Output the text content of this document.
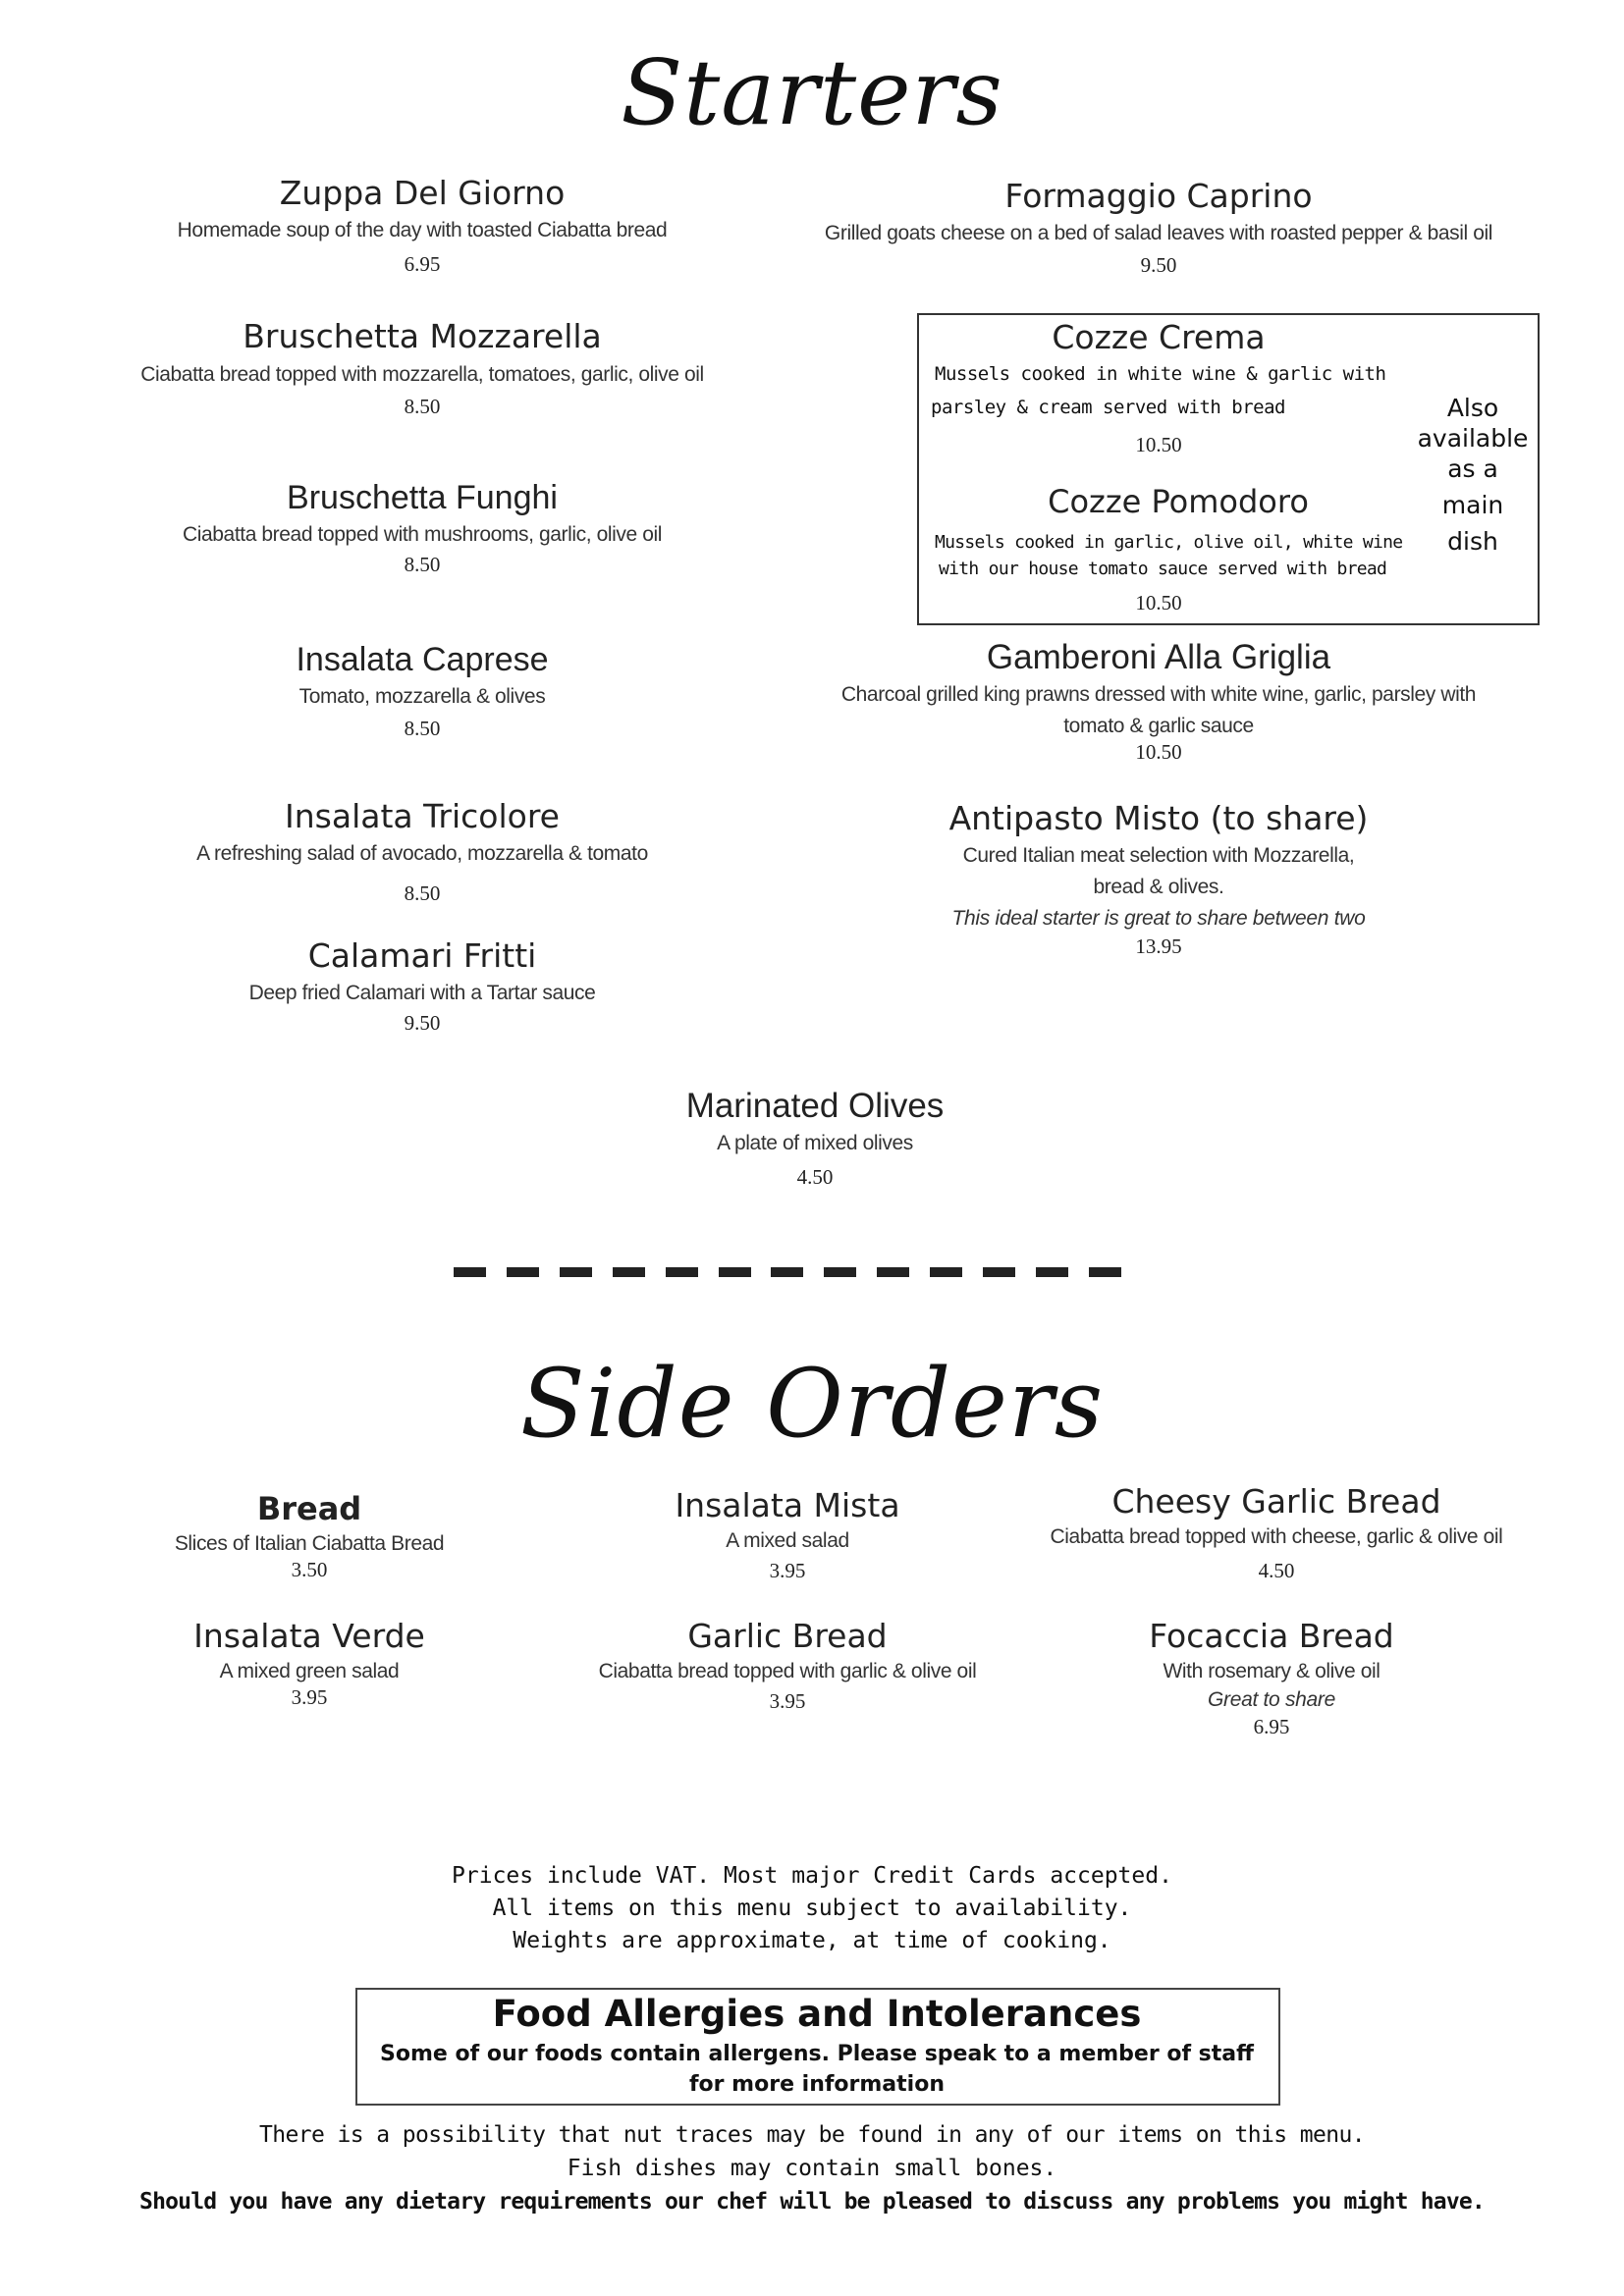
Starters
Zuppa Del Giorno
Homemade soup of the day with toasted Ciabatta bread
6.95
Formaggio Caprino
Grilled goats cheese on a bed of salad leaves with roasted pepper & basil oil
9.50
Bruschetta Mozzarella
Ciabatta bread topped with mozzarella, tomatoes, garlic, olive oil
8.50
Cozze Crema
Mussels cooked in white wine & garlic with
parsley & cream served with bread
10.50
Cozze Pomodoro
Mussels cooked in garlic, olive oil, white wine
with our house tomato sauce served with bread
10.50
Also
available
as a
main
dish
Bruschetta Funghi
Ciabatta bread topped with mushrooms, garlic, olive oil
8.50
Insalata Caprese
Tomato, mozzarella & olives
8.50
Gamberoni Alla Griglia
Charcoal grilled king prawns dressed with white wine, garlic, parsley with
tomato & garlic sauce
10.50
Insalata Tricolore
A refreshing salad of avocado, mozzarella & tomato
8.50
Antipasto Misto (to share)
Cured Italian meat selection with Mozzarella,
bread & olives.
This ideal starter is great to share between two
13.95
Calamari Fritti
Deep fried Calamari with a Tartar sauce
9.50
Marinated Olives
A plate of mixed olives
4.50
Side Orders
Bread
Slices of Italian Ciabatta Bread
3.50
Insalata Mista
A mixed salad
3.95
Cheesy Garlic Bread
Ciabatta bread topped with cheese, garlic & olive oil
4.50
Insalata Verde
A mixed green salad
3.95
Garlic Bread
Ciabatta bread topped with garlic & olive oil
3.95
Focaccia Bread
With rosemary & olive oil
Great to share
6.95
Prices include VAT. Most major Credit Cards accepted.
All items on this menu subject to availability.
Weights are approximate, at time of cooking.
Food Allergies and Intolerances
Some of our foods contain allergens. Please speak to a member of staff
for more information
There is a possibility that nut traces may be found in any of our items on this menu.
Fish dishes may contain small bones.
Should you have any dietary requirements our chef will be pleased to discuss any problems you might have.
